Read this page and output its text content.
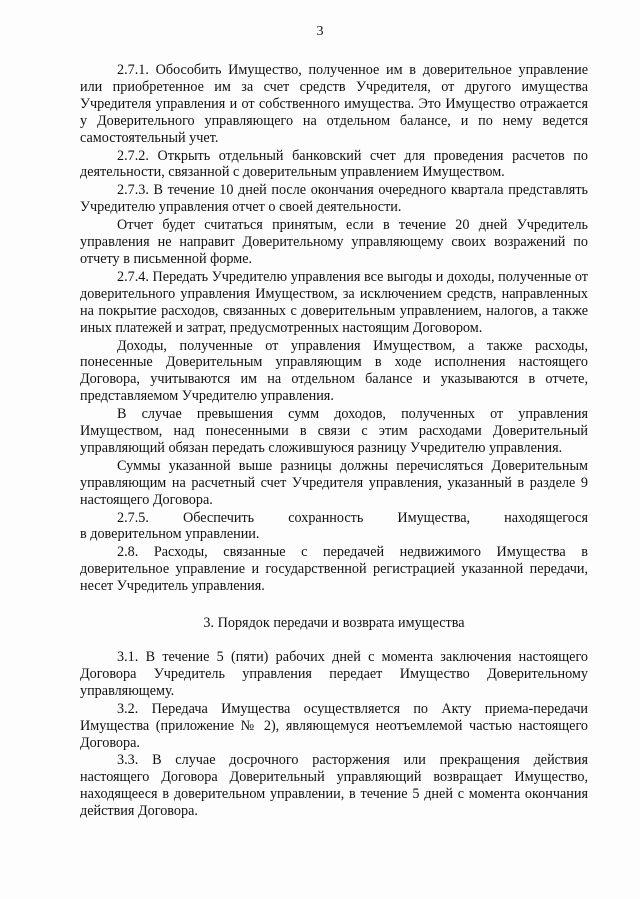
3

2.7.1. Обособить Имущество, полученное им в доверительное управление или приобретенное им за счет средств Учредителя, от другого имущества Учредителя управления и от собственного имущества. Это Имущество отражается у Доверительного управляющего на отдельном балансе, и по нему ведется самостоятельный учет.

2.7.2. Открыть отдельный банковский счет для проведения расчетов по деятельности, связанной с доверительным управлением Имуществом.

2.7.3. В течение 10 дней после окончания очередного квартала представлять Учредителю управления отчет о своей деятельности.

Отчет будет считаться принятым, если в течение 20 дней Учредитель управления не направит Доверительному управляющему своих возражений по отчету в письменной форме.

2.7.4. Передать Учредителю управления все выгоды и доходы, полученные от доверительного управления Имуществом, за исключением средств, направленных на покрытие расходов, связанных с доверительным управлением, налогов, а также иных платежей и затрат, предусмотренных настоящим Договором.

Доходы, полученные от управления Имуществом, а также расходы, понесенные Доверительным управляющим в ходе исполнения настоящего Договора, учитываются им на отдельном балансе и указываются в отчете, представляемом Учредителю управления.

В случае превышения сумм доходов, полученных от управления Имуществом, над понесенными в связи с этим расходами Доверительный управляющий обязан передать сложившуюся разницу Учредителю управления.

Суммы указанной выше разницы должны перечисляться Доверительным управляющим на расчетный счет Учредителя управления, указанный в разделе 9 настоящего Договора.

2.7.5. Обеспечить сохранность Имущества, находящегося

в доверительном управлении.

2.8. Расходы, связанные с передачей недвижимого Имущества в доверительное управление и государственной регистрацией указанной передачи, несет Учредитель управления.

3. Порядок передачи и возврата имущества

3.1. В течение 5 (пяти) рабочих дней с момента заключения настоящего Договора Учредитель управления передает Имущество Доверительному управляющему.

3.2. Передача Имущества осуществляется по Акту приема-передачи Имущества (приложение № 2), являющемуся неотъемлемой частью настоящего Договора.

3.3. В случае досрочного расторжения или прекращения действия настоящего Договора Доверительный управляющий возвращает Имущество, находящееся в доверительном управлении, в течение 5 дней с момента окончания действия Договора.
